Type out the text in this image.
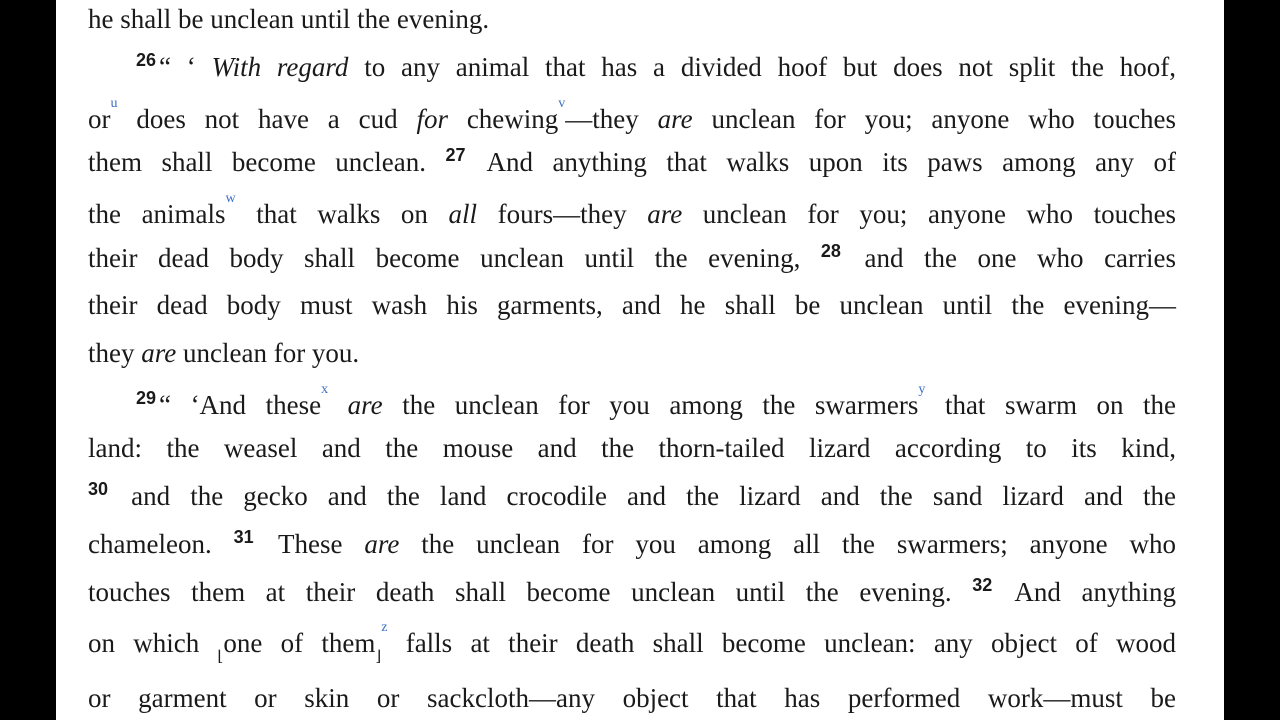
he shall be unclean until the evening.
$^{26}$ “ ‘ With regard to any animal that has a divided hoof but does not split the hoof,
or$^u$ does not have a cud for chewing$^v$—they are unclean for you; anyone who touches
them shall become unclean. $^{27}$ And anything that walks upon its paws among any of
the animals$^w$ that walks on all fours—they are unclean for you; anyone who touches
their dead body shall become unclean until the evening, $^{28}$ and the one who carries
their dead body must wash his garments, and he shall be unclean until the evening—
they are unclean for you.
$^{29}$ “ ‘And these$^x$ are the unclean for you among the swarmers$^y$ that swarm on the
land: the weasel and the mouse and the thorn-tailed lizard according to its kind,
$^{30}$ and the gecko and the land crocodile and the lizard and the sand lizard and the
chameleon. $^{31}$ These are the unclean for you among all the swarmers; anyone who
touches them at their death shall become unclean until the evening. $^{32}$ And anything
on which $_⌊$one of them$_⌋^z$ falls at their death shall become unclean: any object of wood
or garment or skin or sackcloth—any object that has performed work—must be
